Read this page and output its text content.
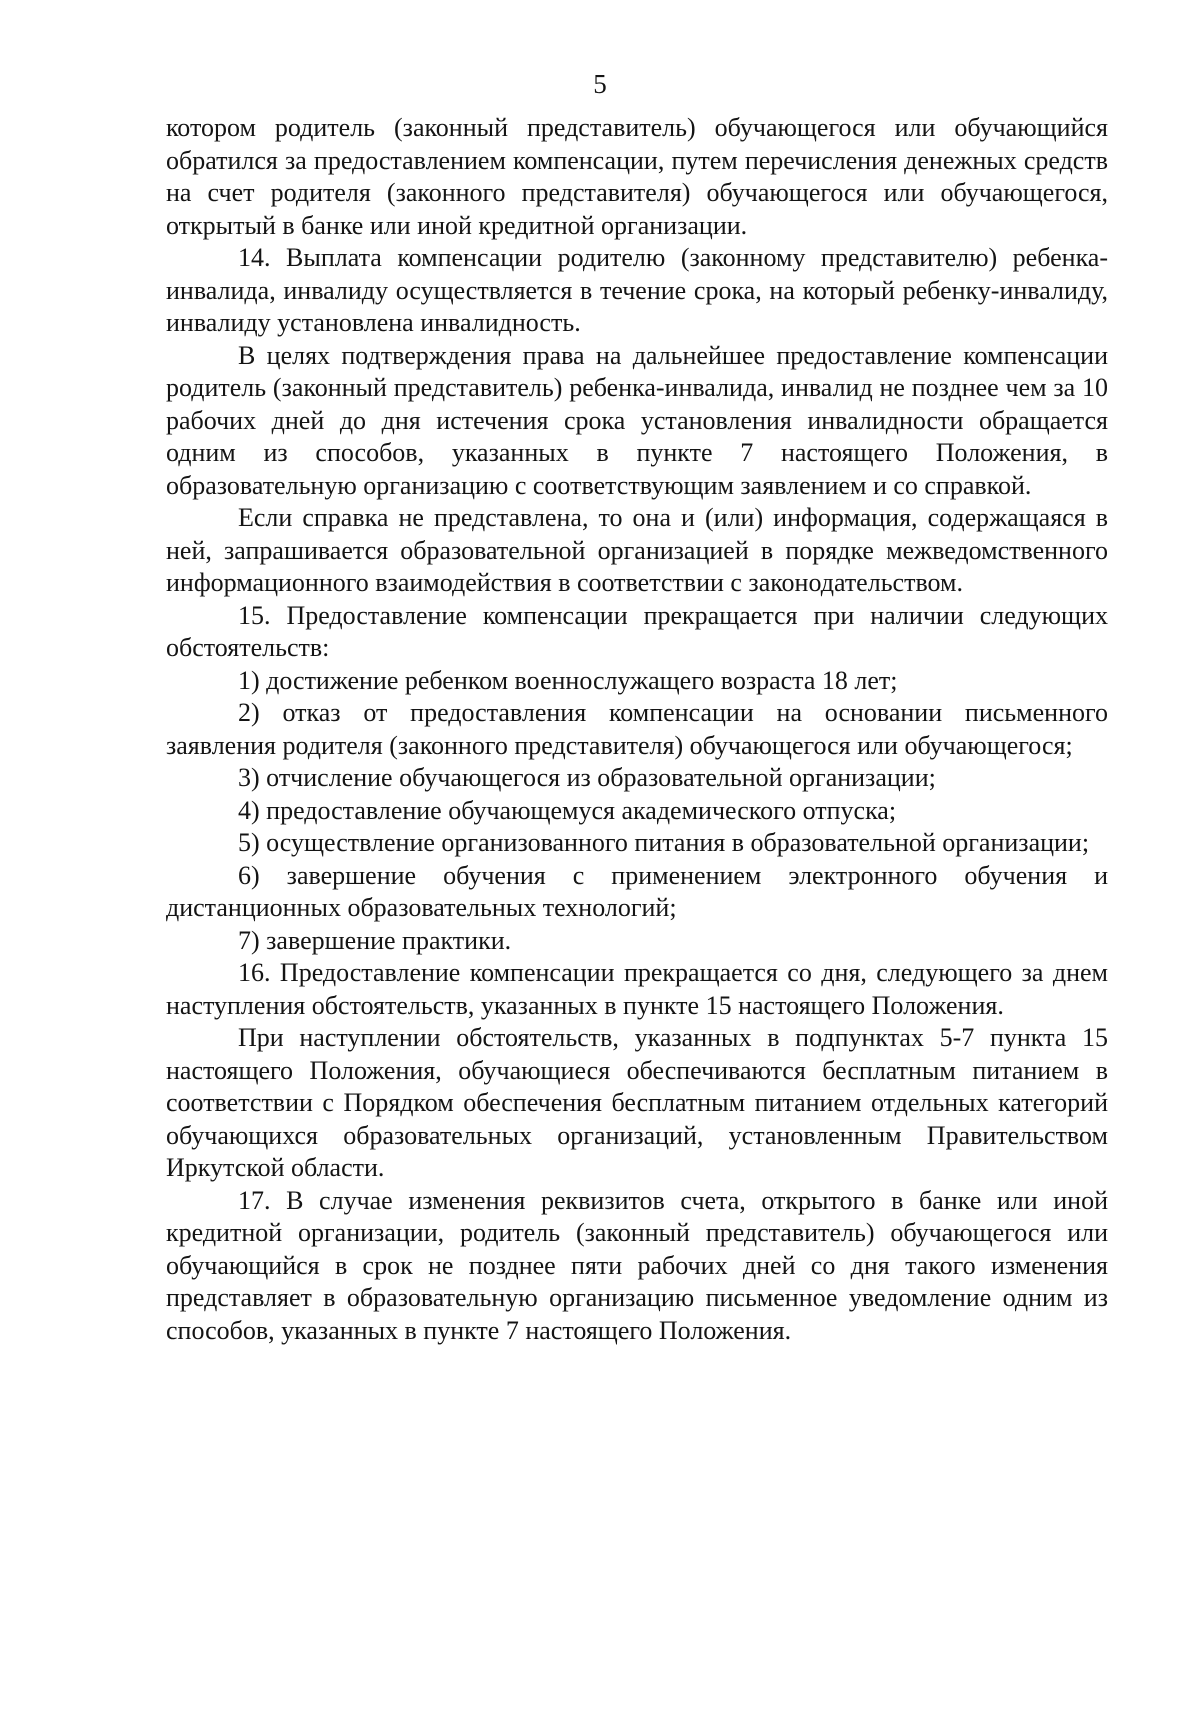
5

котором родитель (законный представитель) обучающегося или обучающийся обратился за предоставлением компенсации, путем перечисления денежных средств на счет родителя (законного представителя) обучающегося или обучающегося, открытый в банке или иной кредитной организации.

14. Выплата компенсации родителю (законному представителю) ребенка-инвалида, инвалиду осуществляется в течение срока, на который ребенку-инвалиду, инвалиду установлена инвалидность.

В целях подтверждения права на дальнейшее предоставление компенсации родитель (законный представитель) ребенка-инвалида, инвалид не позднее чем за 10 рабочих дней до дня истечения срока установления инвалидности обращается одним из способов, указанных в пункте 7 настоящего Положения, в образовательную организацию с соответствующим заявлением и со справкой.

Если справка не представлена, то она и (или) информация, содержащаяся в ней, запрашивается образовательной организацией в порядке межведомственного информационного взаимодействия в соответствии с законодательством.

15. Предоставление компенсации прекращается при наличии следующих обстоятельств:

1) достижение ребенком военнослужащего возраста 18 лет;

2) отказ от предоставления компенсации на основании письменного заявления родителя (законного представителя) обучающегося или обучающегося;

3) отчисление обучающегося из образовательной организации;

4) предоставление обучающемуся академического отпуска;

5) осуществление организованного питания в образовательной организации;

6) завершение обучения с применением электронного обучения и дистанционных образовательных технологий;

7) завершение практики.

16. Предоставление компенсации прекращается со дня, следующего за днем наступления обстоятельств, указанных в пункте 15 настоящего Положения.

При наступлении обстоятельств, указанных в подпунктах 5-7 пункта 15 настоящего Положения, обучающиеся обеспечиваются бесплатным питанием в соответствии с Порядком обеспечения бесплатным питанием отдельных категорий обучающихся образовательных организаций, установленным Правительством Иркутской области.

17. В случае изменения реквизитов счета, открытого в банке или иной кредитной организации, родитель (законный представитель) обучающегося или обучающийся в срок не позднее пяти рабочих дней со дня такого изменения представляет в образовательную организацию письменное уведомление одним из способов, указанных в пункте 7 настоящего Положения.
